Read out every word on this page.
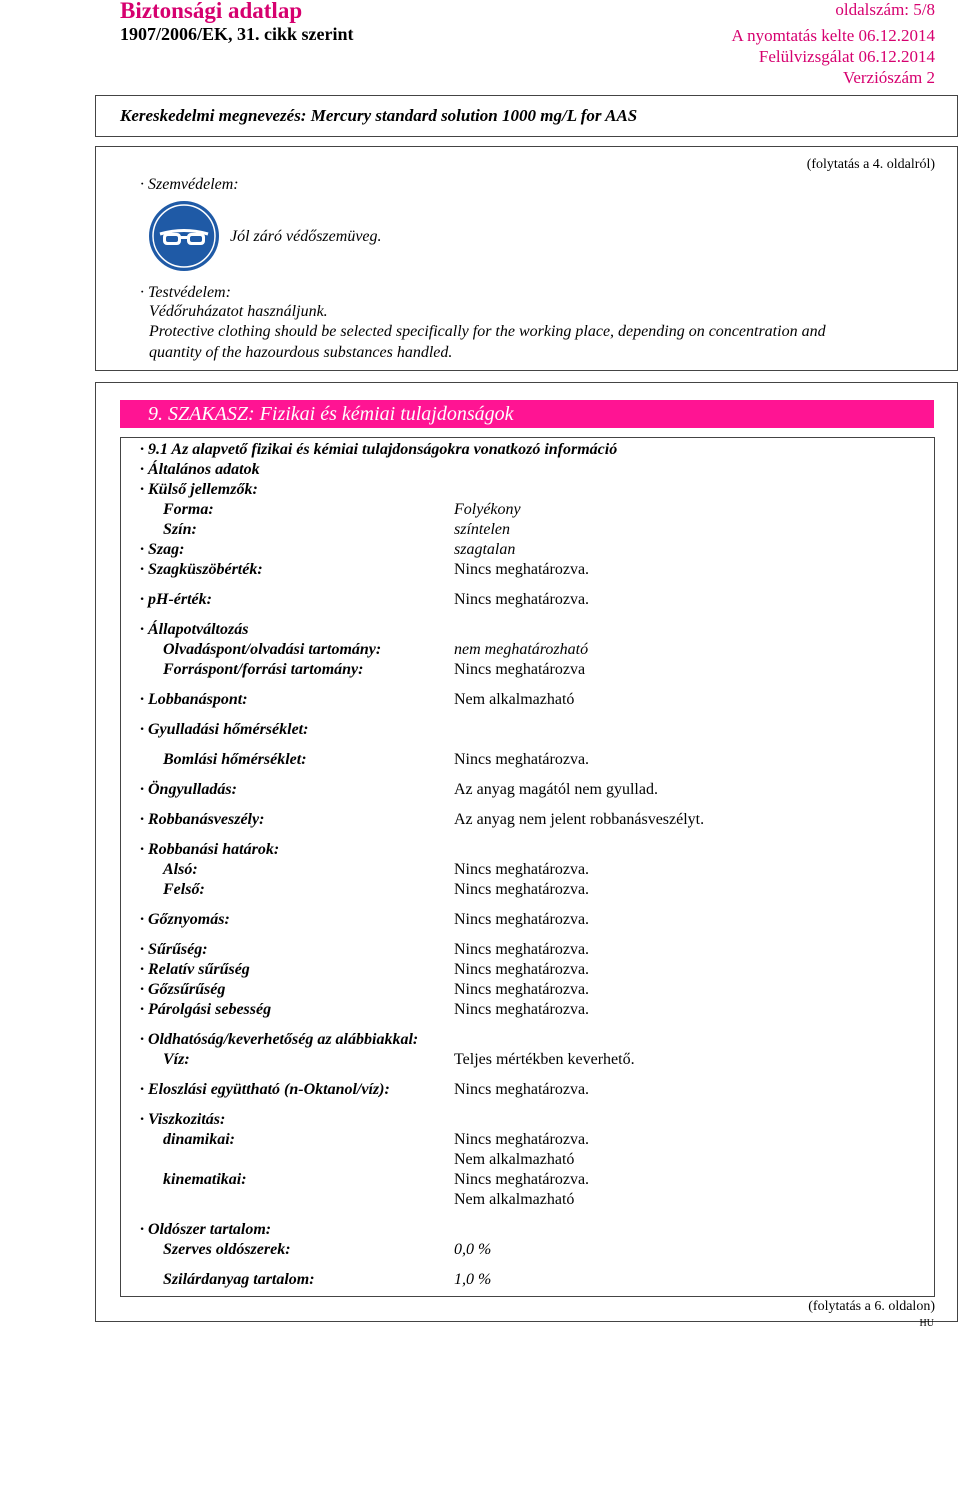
Biztonsági adatlap
1907/2006/EK, 31. cikk szerint
oldalszám: 5/8
A nyomtatás kelte 06.12.2014
Felülvizsgálat 06.12.2014
Verziószám 2
Kereskedelmi megnevezés: Mercury standard solution 1000 mg/L for AAS
(folytatás a 4. oldalról)
· Szemvédelem:
Jól záró védőszemüveg.
· Testvédelem:
Védőruházatot használjunk.
Protective clothing should be selected specifically for the working place, depending on concentration and
quantity of the hazourdous substances handled.
9. SZAKASZ: Fizikai és kémiai tulajdonságok
· 9.1 Az alapvető fizikai és kémiai tulajdonságokra vonatkozó információ
· Általános adatok
· Külső jellemzők:
Forma:	Folyékony
Szín:	színtelen
· Szag:	szagtalan
· Szagküszöbérték:	Nincs meghatározva.
· pH-érték:	Nincs meghatározva.
· Állapotváltozás
Olvadáspont/olvadási tartomány:	nem meghatározható
Forráspont/forrási tartomány:	Nincs meghatározva
· Lobbanáspont:	Nem alkalmazható
· Gyulladási hőmérséklet:
Bomlási hőmérséklet:	Nincs meghatározva.
· Öngyulladás:	Az anyag magától nem gyullad.
· Robbanásveszély:	Az anyag nem jelent robbanásveszélyt.
· Robbanási határok:
Alsó:	Nincs meghatározva.
Felső:	Nincs meghatározva.
· Gőznyomás:	Nincs meghatározva.
· Sűrűség:	Nincs meghatározva.
· Relatív sűrűség	Nincs meghatározva.
· Gőzsűrűség	Nincs meghatározva.
· Párolgási sebesség	Nincs meghatározva.
· Oldhatóság/keverhetőség az alábbiakkal:
Víz:	Teljes mértékben keverhető.
· Eloszlási együttható (n-Oktanol/víz):	Nincs meghatározva.
· Viszkozitás:
dinamikai:	Nincs meghatározva.
Nem alkalmazható
kinematikai:	Nincs meghatározva.
Nem alkalmazható
· Oldószer tartalom:
Szerves oldószerek:	0,0 %
Szilárdanyag tartalom:	1,0 %
(folytatás a 6. oldalon)
HU
